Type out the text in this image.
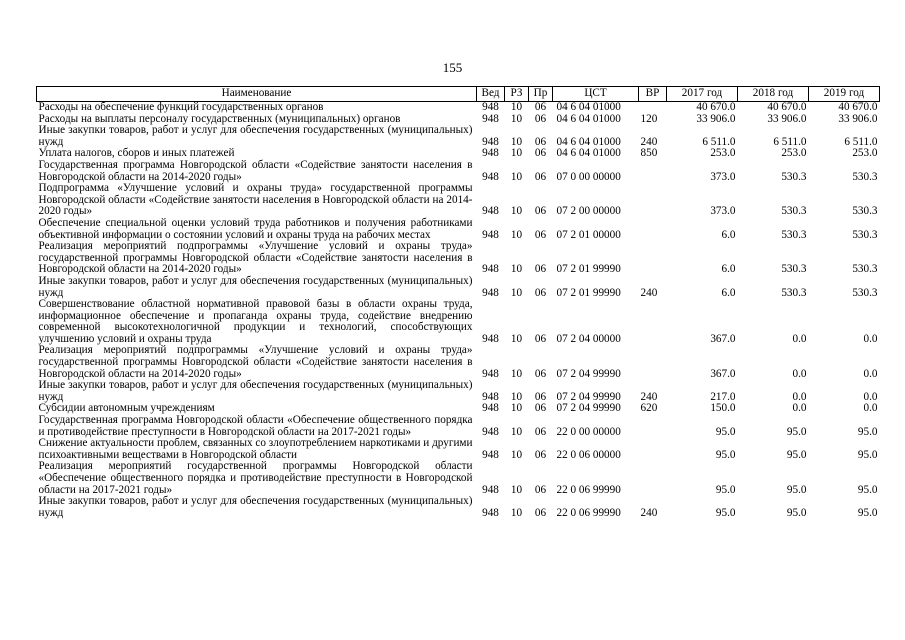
155
Наименование	Вед	РЗ	Пр	ЦСТ	ВР	2017 год	2018 год	2019 год
Расходы на обеспечение функций государственных органов	948	10	06	04 6 04 01000		40 670.0	40 670.0	40 670.0
Расходы на выплаты персоналу государственных (муниципальных) органов	948	10	06	04 6 04 01000	120	33 906.0	33 906.0	33 906.0
Иные закупки товаров, работ и услуг для обеспечения государственных (муниципальных) нужд	948	10	06	04 6 04 01000	240	6 511.0	6 511.0	6 511.0
Уплата налогов, сборов и иных платежей	948	10	06	04 6 04 01000	850	253.0	253.0	253.0
Государственная программа Новгородской области «Содействие занятости населения в Новгородской области на 2014-2020 годы»	948	10	06	07 0 00 00000		373.0	530.3	530.3
Подпрограмма «Улучшение условий и охраны труда» государственной программы Новгородской области «Содействие занятости населения в Новгородской области на 2014-2020 годы»	948	10	06	07 2 00 00000		373.0	530.3	530.3
Обеспечение специальной оценки условий труда работников и получения работниками объективной информации о состоянии условий и охраны труда на рабочих местах	948	10	06	07 2 01 00000		6.0	530.3	530.3
Реализация мероприятий подпрограммы «Улучшение условий и охраны труда» государственной программы Новгородской области «Содействие занятости населения в Новгородской области на 2014-2020 годы»	948	10	06	07 2 01 99990		6.0	530.3	530.3
Иные закупки товаров, работ и услуг для обеспечения государственных (муниципальных) нужд	948	10	06	07 2 01 99990	240	6.0	530.3	530.3
Совершенствование областной нормативной правовой базы в области охраны труда, информационное обеспечение и пропаганда охраны труда, содействие внедрению современной высокотехнологичной продукции и технологий, способствующих улучшению условий и охраны труда	948	10	06	07 2 04 00000		367.0	0.0	0.0
Реализация мероприятий подпрограммы «Улучшение условий и охраны труда» государственной программы Новгородской области «Содействие занятости населения в Новгородской области на 2014-2020 годы»	948	10	06	07 2 04 99990		367.0	0.0	0.0
Иные закупки товаров, работ и услуг для обеспечения государственных (муниципальных) нужд	948	10	06	07 2 04 99990	240	217.0	0.0	0.0
Субсидии автономным учреждениям	948	10	06	07 2 04 99990	620	150.0	0.0	0.0
Государственная программа Новгородской области «Обеспечение общественного порядка и противодействие преступности в Новгородской области на 2017-2021 годы»	948	10	06	22 0 00 00000		95.0	95.0	95.0
Снижение актуальности проблем, связанных со злоупотреблением наркотиками и другими психоактивными веществами в Новгородской области	948	10	06	22 0 06 00000		95.0	95.0	95.0
Реализация мероприятий государственной программы Новгородской области «Обеспечение общественного порядка и противодействие преступности в Новгородской области на 2017-2021 годы»	948	10	06	22 0 06 99990		95.0	95.0	95.0
Иные закупки товаров, работ и услуг для обеспечения государственных (муниципальных) нужд	948	10	06	22 0 06 99990	240	95.0	95.0	95.0
